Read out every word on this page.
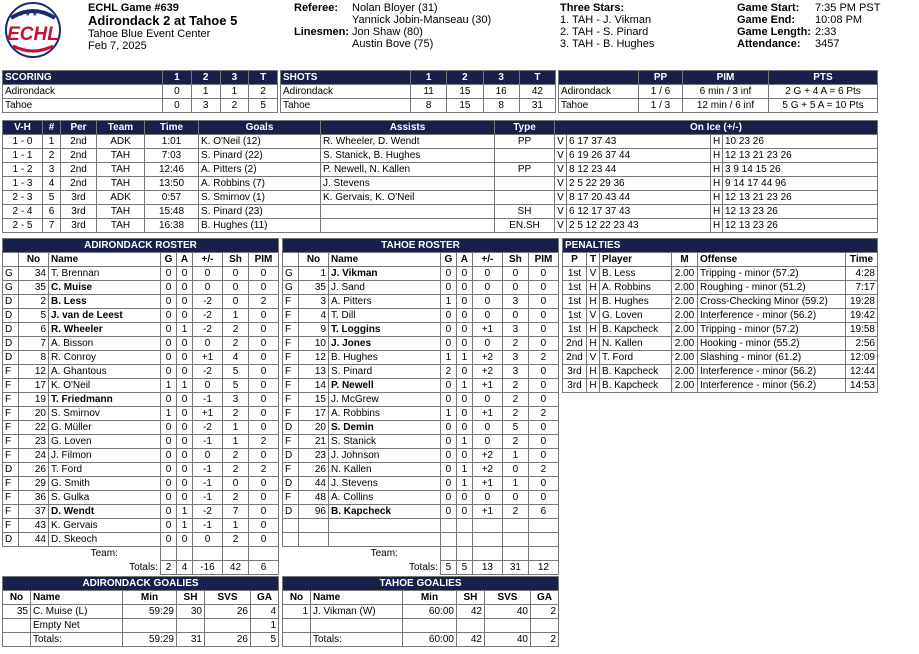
★ ★ ★
ECHL
ECHL Game #639
Adirondack 2 at Tahoe 5
Tahoe Blue Event Center
Feb 7, 2025
Referee: Nolan Bloyer (31)
Yannick Jobin-Manseau (30)
Linesmen: Jon Shaw (80)
Austin Bove (75)
Three Stars:
1. TAH - J. Vikman
2. TAH - S. Pinard
3. TAH - B. Hughes
Game Start: 7:35 PM PST
Game End: 10:08 PM
Game Length: 2:33
Attendance: 3457
SCORING	1	2	3	T
Adirondack	0	1	1	2
Tahoe	0	3	2	5
SHOTS	1	2	3	T
Adirondack	11	15	16	42
Tahoe	8	15	8	31
	PP	PIM	PTS
Adirondack	1 / 6	6 min / 3 inf	2 G + 4 A = 6 Pts
Tahoe	1 / 3	12 min / 6 inf	5 G + 5 A = 10 Pts
V-H	#	Per	Team	Time	Goals	Assists	Type	On Ice (+/-)			
1 - 0	1	2nd	ADK	1:01	K. O'Neil (12)	R. Wheeler, D. Wendt	PP	V	6 17 37 43	H	10 23 26
1 - 1	2	2nd	TAH	7:03	S. Pinard (22)	S. Stanick, B. Hughes		V	6 19 26 37 44	H	12 13 21 23 26
1 - 2	3	2nd	TAH	12:46	A. Pitters (2)	P. Newell, N. Kallen	PP	V	8 12 23 44	H	3 9 14 15 26
1 - 3	4	2nd	TAH	13:50	A. Robbins (7)	J. Stevens		V	2 5 22 29 36	H	9 14 17 44 96
2 - 3	5	3rd	ADK	0:57	S. Smirnov (1)	K. Gervais, K. O'Neil		V	8 17 20 43 44	H	12 13 21 23 26
2 - 4	6	3rd	TAH	15:48	S. Pinard (23)		SH	V	6 12 17 37 43	H	12 13 23 26
2 - 5	7	3rd	TAH	16:38	B. Hughes (11)		EN.SH	V	2 5 12 22 23 43	H	12 13 23 26
ADIRONDACK ROSTER							
	No	Name	G	A	+/-	Sh	PIM
G	34	T. Brennan	0	0	0	0	0
G	35	C. Muise	0	0	0	0	0
D	2	B. Less	0	0	-2	0	2
D	5	J. van de Leest	0	0	-2	1	0
D	6	R. Wheeler	0	1	-2	2	0
D	7	A. Bisson	0	0	0	2	0
D	8	R. Conroy	0	0	+1	4	0
F	12	A. Ghantous	0	0	-2	5	0
F	17	K. O'Neil	1	1	0	5	0
F	19	T. Friedmann	0	0	-1	3	0
F	20	S. Smirnov	1	0	+1	2	0
F	22	G. Müller	0	0	-2	1	0
F	23	G. Loven	0	0	-1	1	2
F	24	J. Filmon	0	0	0	2	0
D	26	T. Ford	0	0	-1	2	2
F	29	G. Smith	0	0	-1	0	0
F	36	S. Gulka	0	0	-1	2	0
F	37	D. Wendt	0	1	-2	7	0
F	43	K. Gervais	0	1	-1	1	0
D	44	D. Skeoch	0	0	0	2	0
		Team:					
		Totals:	2	4	-16	42	6
TAHOE ROSTER							
	No	Name	G	A	+/-	Sh	PIM
G	1	J. Vikman	0	0	0	0	0
G	35	J. Sand	0	0	0	0	0
F	3	A. Pitters	1	0	0	3	0
F	4	T. Dill	0	0	0	0	0
F	9	T. Loggins	0	0	+1	3	0
F	10	J. Jones	0	0	0	2	0
F	12	B. Hughes	1	1	+2	3	2
F	13	S. Pinard	2	0	+2	3	0
F	14	P. Newell	0	1	+1	2	0
F	15	J. McGrew	0	0	0	2	0
F	17	A. Robbins	1	0	+1	2	2
D	20	S. Demin	0	0	0	5	0
F	21	S. Stanick	0	1	0	2	0
D	23	J. Johnson	0	0	+2	1	0
F	26	N. Kallen	0	1	+2	0	2
D	44	J. Stevens	0	1	+1	1	0
F	48	A. Collins	0	0	0	0	0
D	96	B. Kapcheck	0	0	+1	2	6

		Team:					
		Totals:	5	5	13	31	12
PENALTIES					
P	T	Player	M	Offense	Time
1st	V	B. Less	2.00	Tripping - minor (57.2)	4:28
1st	H	A. Robbins	2.00	Roughing - minor (51.2)	7:17
1st	H	B. Hughes	2.00	Cross-Checking Minor (59.2)	19:28
1st	V	G. Loven	2.00	Interference - minor (56.2)	19:42
1st	H	B. Kapcheck	2.00	Tripping - minor (57.2)	19:58
2nd	H	N. Kallen	2.00	Hooking - minor (55.2)	2:56
2nd	V	T. Ford	2.00	Slashing - minor (61.2)	12:09
3rd	H	B. Kapcheck	2.00	Interference - minor (56.2)	12:44
3rd	H	B. Kapcheck	2.00	Interference - minor (56.2)	14:53
ADIRONDACK GOALIES					
No	Name	Min	SH	SVS	GA
35	C. Muise (L)	59:29	30	26	4
	Empty Net				1
	Totals:	59:29	31	26	5
TAHOE GOALIES					
No	Name	Min	SH	SVS	GA
1	J. Vikman (W)	60:00	42	40	2

	Totals:	60:00	42	40	2
